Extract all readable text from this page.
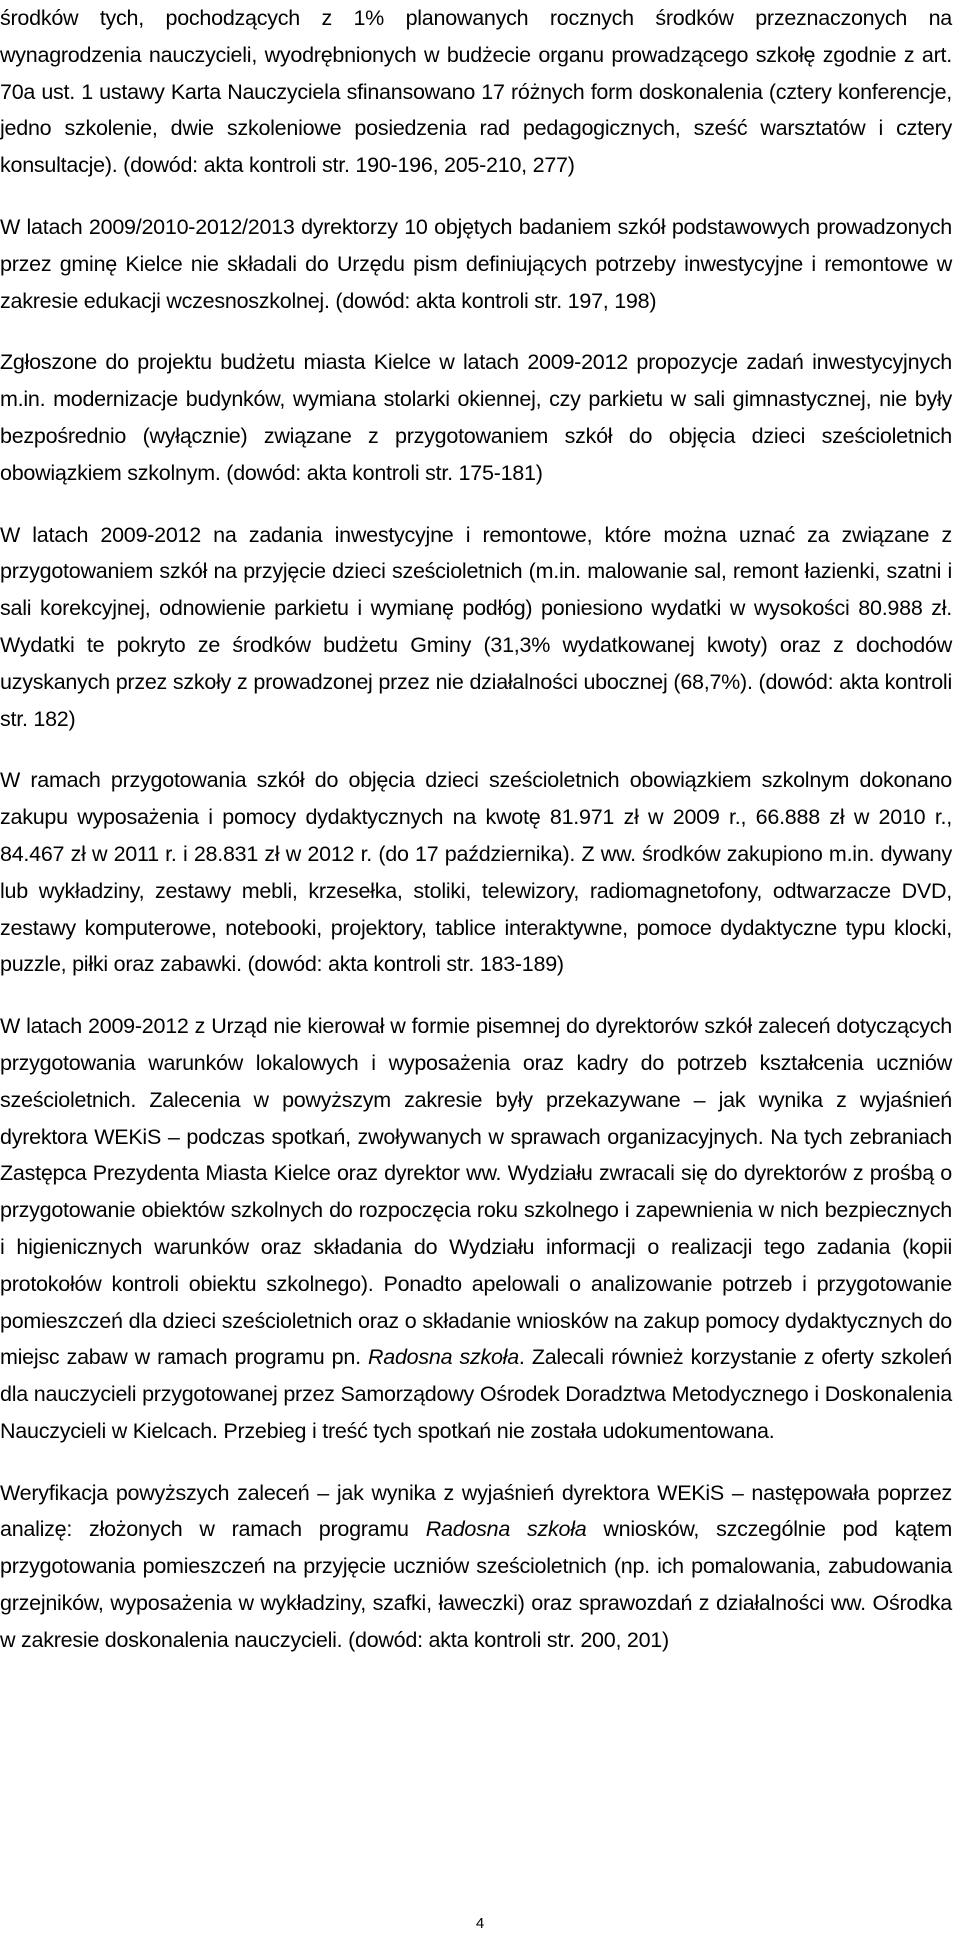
środków tych, pochodzących z 1% planowanych rocznych środków przeznaczonych na wynagrodzenia nauczycieli, wyodrębnionych w budżecie organu prowadzącego szkołę zgodnie z art. 70a ust. 1 ustawy Karta Nauczyciela sfinansowano 17 różnych form doskonalenia (cztery konferencje, jedno szkolenie, dwie szkoleniowe posiedzenia rad pedagogicznych, sześć warsztatów i cztery konsultacje). (dowód: akta kontroli str. 190-196, 205-210, 277)

W latach 2009/2010-2012/2013 dyrektorzy 10 objętych badaniem szkół podstawowych prowadzonych przez gminę Kielce nie składali do Urzędu pism definiujących potrzeby inwestycyjne i remontowe w zakresie edukacji wczesnoszkolnej. (dowód: akta kontroli str. 197, 198)

Zgłoszone do projektu budżetu miasta Kielce w latach 2009-2012 propozycje zadań inwestycyjnych m.in. modernizacje budynków, wymiana stolarki okiennej, czy parkietu w sali gimnastycznej, nie były bezpośrednio (wyłącznie) związane z przygotowaniem szkół do objęcia dzieci sześcioletnich obowiązkiem szkolnym. (dowód: akta kontroli str. 175-181)

W latach 2009-2012 na zadania inwestycyjne i remontowe, które można uznać za związane z przygotowaniem szkół na przyjęcie dzieci sześcioletnich (m.in. malowanie sal, remont łazienki, szatni i sali korekcyjnej, odnowienie parkietu i wymianę podłóg) poniesiono wydatki w wysokości 80.988 zł. Wydatki te pokryto ze środków budżetu Gminy (31,3% wydatkowanej kwoty) oraz z dochodów uzyskanych przez szkoły z prowadzonej przez nie działalności ubocznej (68,7%). (dowód: akta kontroli str. 182)

W ramach przygotowania szkół do objęcia dzieci sześcioletnich obowiązkiem szkolnym dokonano zakupu wyposażenia i pomocy dydaktycznych na kwotę 81.971 zł w 2009 r., 66.888 zł w 2010 r., 84.467 zł w 2011 r. i 28.831 zł w 2012 r. (do 17 października). Z ww. środków zakupiono m.in. dywany lub wykładziny, zestawy mebli, krzesełka, stoliki, telewizory, radiomagnetofony, odtwarzacze DVD, zestawy komputerowe, notebooki, projektory, tablice interaktywne, pomoce dydaktyczne typu klocki, puzzle, piłki oraz zabawki. (dowód: akta kontroli str. 183-189)

W latach 2009-2012 z Urząd nie kierował w formie pisemnej do dyrektorów szkół zaleceń dotyczących przygotowania warunków lokalowych i wyposażenia oraz kadry do potrzeb kształcenia uczniów sześcioletnich. Zalecenia w powyższym zakresie były przekazywane – jak wynika z wyjaśnień dyrektora WEKiS – podczas spotkań, zwoływanych w sprawach organizacyjnych. Na tych zebraniach Zastępca Prezydenta Miasta Kielce oraz dyrektor ww. Wydziału zwracali się do dyrektorów z prośbą o przygotowanie obiektów szkolnych do rozpoczęcia roku szkolnego i zapewnienia w nich bezpiecznych i higienicznych warunków oraz składania do Wydziału informacji o realizacji tego zadania (kopii protokołów kontroli obiektu szkolnego). Ponadto apelowali o analizowanie potrzeb i przygotowanie pomieszczeń dla dzieci sześcioletnich oraz o składanie wniosków na zakup pomocy dydaktycznych do miejsc zabaw w ramach programu pn. Radosna szkoła. Zalecali również korzystanie z oferty szkoleń dla nauczycieli przygotowanej przez Samorządowy Ośrodek Doradztwa Metodycznego i Doskonalenia Nauczycieli w Kielcach. Przebieg i treść tych spotkań nie została udokumentowana.

Weryfikacja powyższych zaleceń – jak wynika z wyjaśnień dyrektora WEKiS – następowała poprzez analizę: złożonych w ramach programu Radosna szkoła wniosków, szczególnie pod kątem przygotowania pomieszczeń na przyjęcie uczniów sześcioletnich (np. ich pomalowania, zabudowania grzejników, wyposażenia w wykładziny, szafki, ławeczki) oraz sprawozdań z działalności ww. Ośrodka w zakresie doskonalenia nauczycieli. (dowód: akta kontroli str. 200, 201)

4
